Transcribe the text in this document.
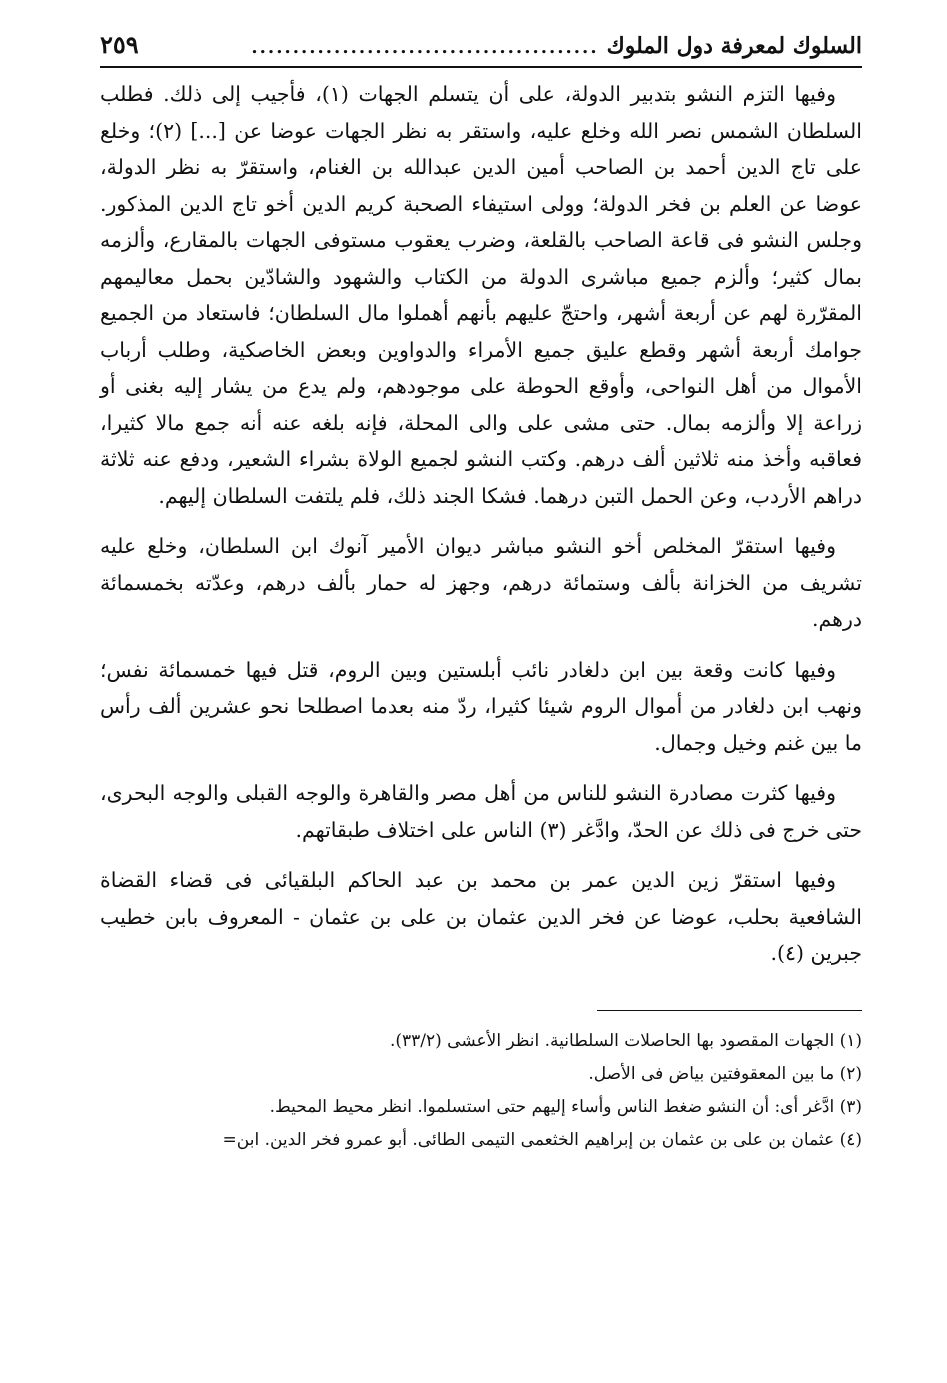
السلوك لمعرفة دول الملوك
..........................................
٢٥٩

وفيها التزم النشو بتدبير الدولة، على أن يتسلم الجهات (١)، فأجيب إلى ذلك. فطلب السلطان الشمس نصر الله وخلع عليه، واستقر به نظر الجهات عوضا عن [...] (٢)؛ وخلع على تاج الدين أحمد بن الصاحب أمين الدين عبدالله بن الغنام، واستقرّ به نظر الدولة، عوضا عن العلم بن فخر الدولة؛ وولى استيفاء الصحبة كريم الدين أخو تاج الدين المذكور. وجلس النشو فى قاعة الصاحب بالقلعة، وضرب يعقوب مستوفى الجهات بالمقارع، وألزمه بمال كثير؛ وألزم جميع مباشرى الدولة من الكتاب والشهود والشادّين بحمل معاليمهم المقرّرة لهم عن أربعة أشهر، واحتجّ عليهم بأنهم أهملوا مال السلطان؛ فاستعاد من الجميع جوامك أربعة أشهر وقطع عليق جميع الأمراء والدواوين وبعض الخاصكية، وطلب أرباب الأموال من أهل النواحى، وأوقع الحوطة على موجودهم، ولم يدع من يشار إليه بغنى أو زراعة إلا وألزمه بمال. حتى مشى على والى المحلة، فإنه بلغه عنه أنه جمع مالا كثيرا، فعاقبه وأخذ منه ثلاثين ألف درهم. وكتب النشو لجميع الولاة بشراء الشعير، ودفع عنه ثلاثة دراهم الأردب، وعن الحمل التبن درهما. فشكا الجند ذلك، فلم يلتفت السلطان إليهم.

وفيها استقرّ المخلص أخو النشو مباشر ديوان الأمير آنوك ابن السلطان، وخلع عليه تشريف من الخزانة بألف وستمائة درهم، وجهز له حمار بألف درهم، وعدّته بخمسمائة درهم.

وفيها كانت وقعة بين ابن دلغادر نائب أبلستين وبين الروم، قتل فيها خمسمائة نفس؛ ونهب ابن دلغادر من أموال الروم شيئا كثيرا، ردّ منه بعدما اصطلحا نحو عشرين ألف رأس ما بين غنم وخيل وجمال.

وفيها كثرت مصادرة النشو للناس من أهل مصر والقاهرة والوجه القبلى والوجه البحرى، حتى خرج فى ذلك عن الحدّ، وادَّغر (٣) الناس على اختلاف طبقاتهم.

وفيها استقرّ زين الدين عمر بن محمد بن عبد الحاكم البلقيائى فى قضاء القضاة الشافعية بحلب، عوضا عن فخر الدين عثمان بن على بن عثمان - المعروف بابن خطيب جبرين (٤).

(١) الجهات المقصود بها الحاصلات السلطانية. انظر الأعشى (٣٣/٢).

(٢) ما بين المعقوفتين بياض فى الأصل.

(٣) ادَّغر أى: أن النشو ضغط الناس وأساء إليهم حتى استسلموا. انظر محيط المحيط.

(٤) عثمان بن على بن عثمان بن إبراهيم الخثعمى التيمى الطائى. أبو عمرو فخر الدين. ابن=
